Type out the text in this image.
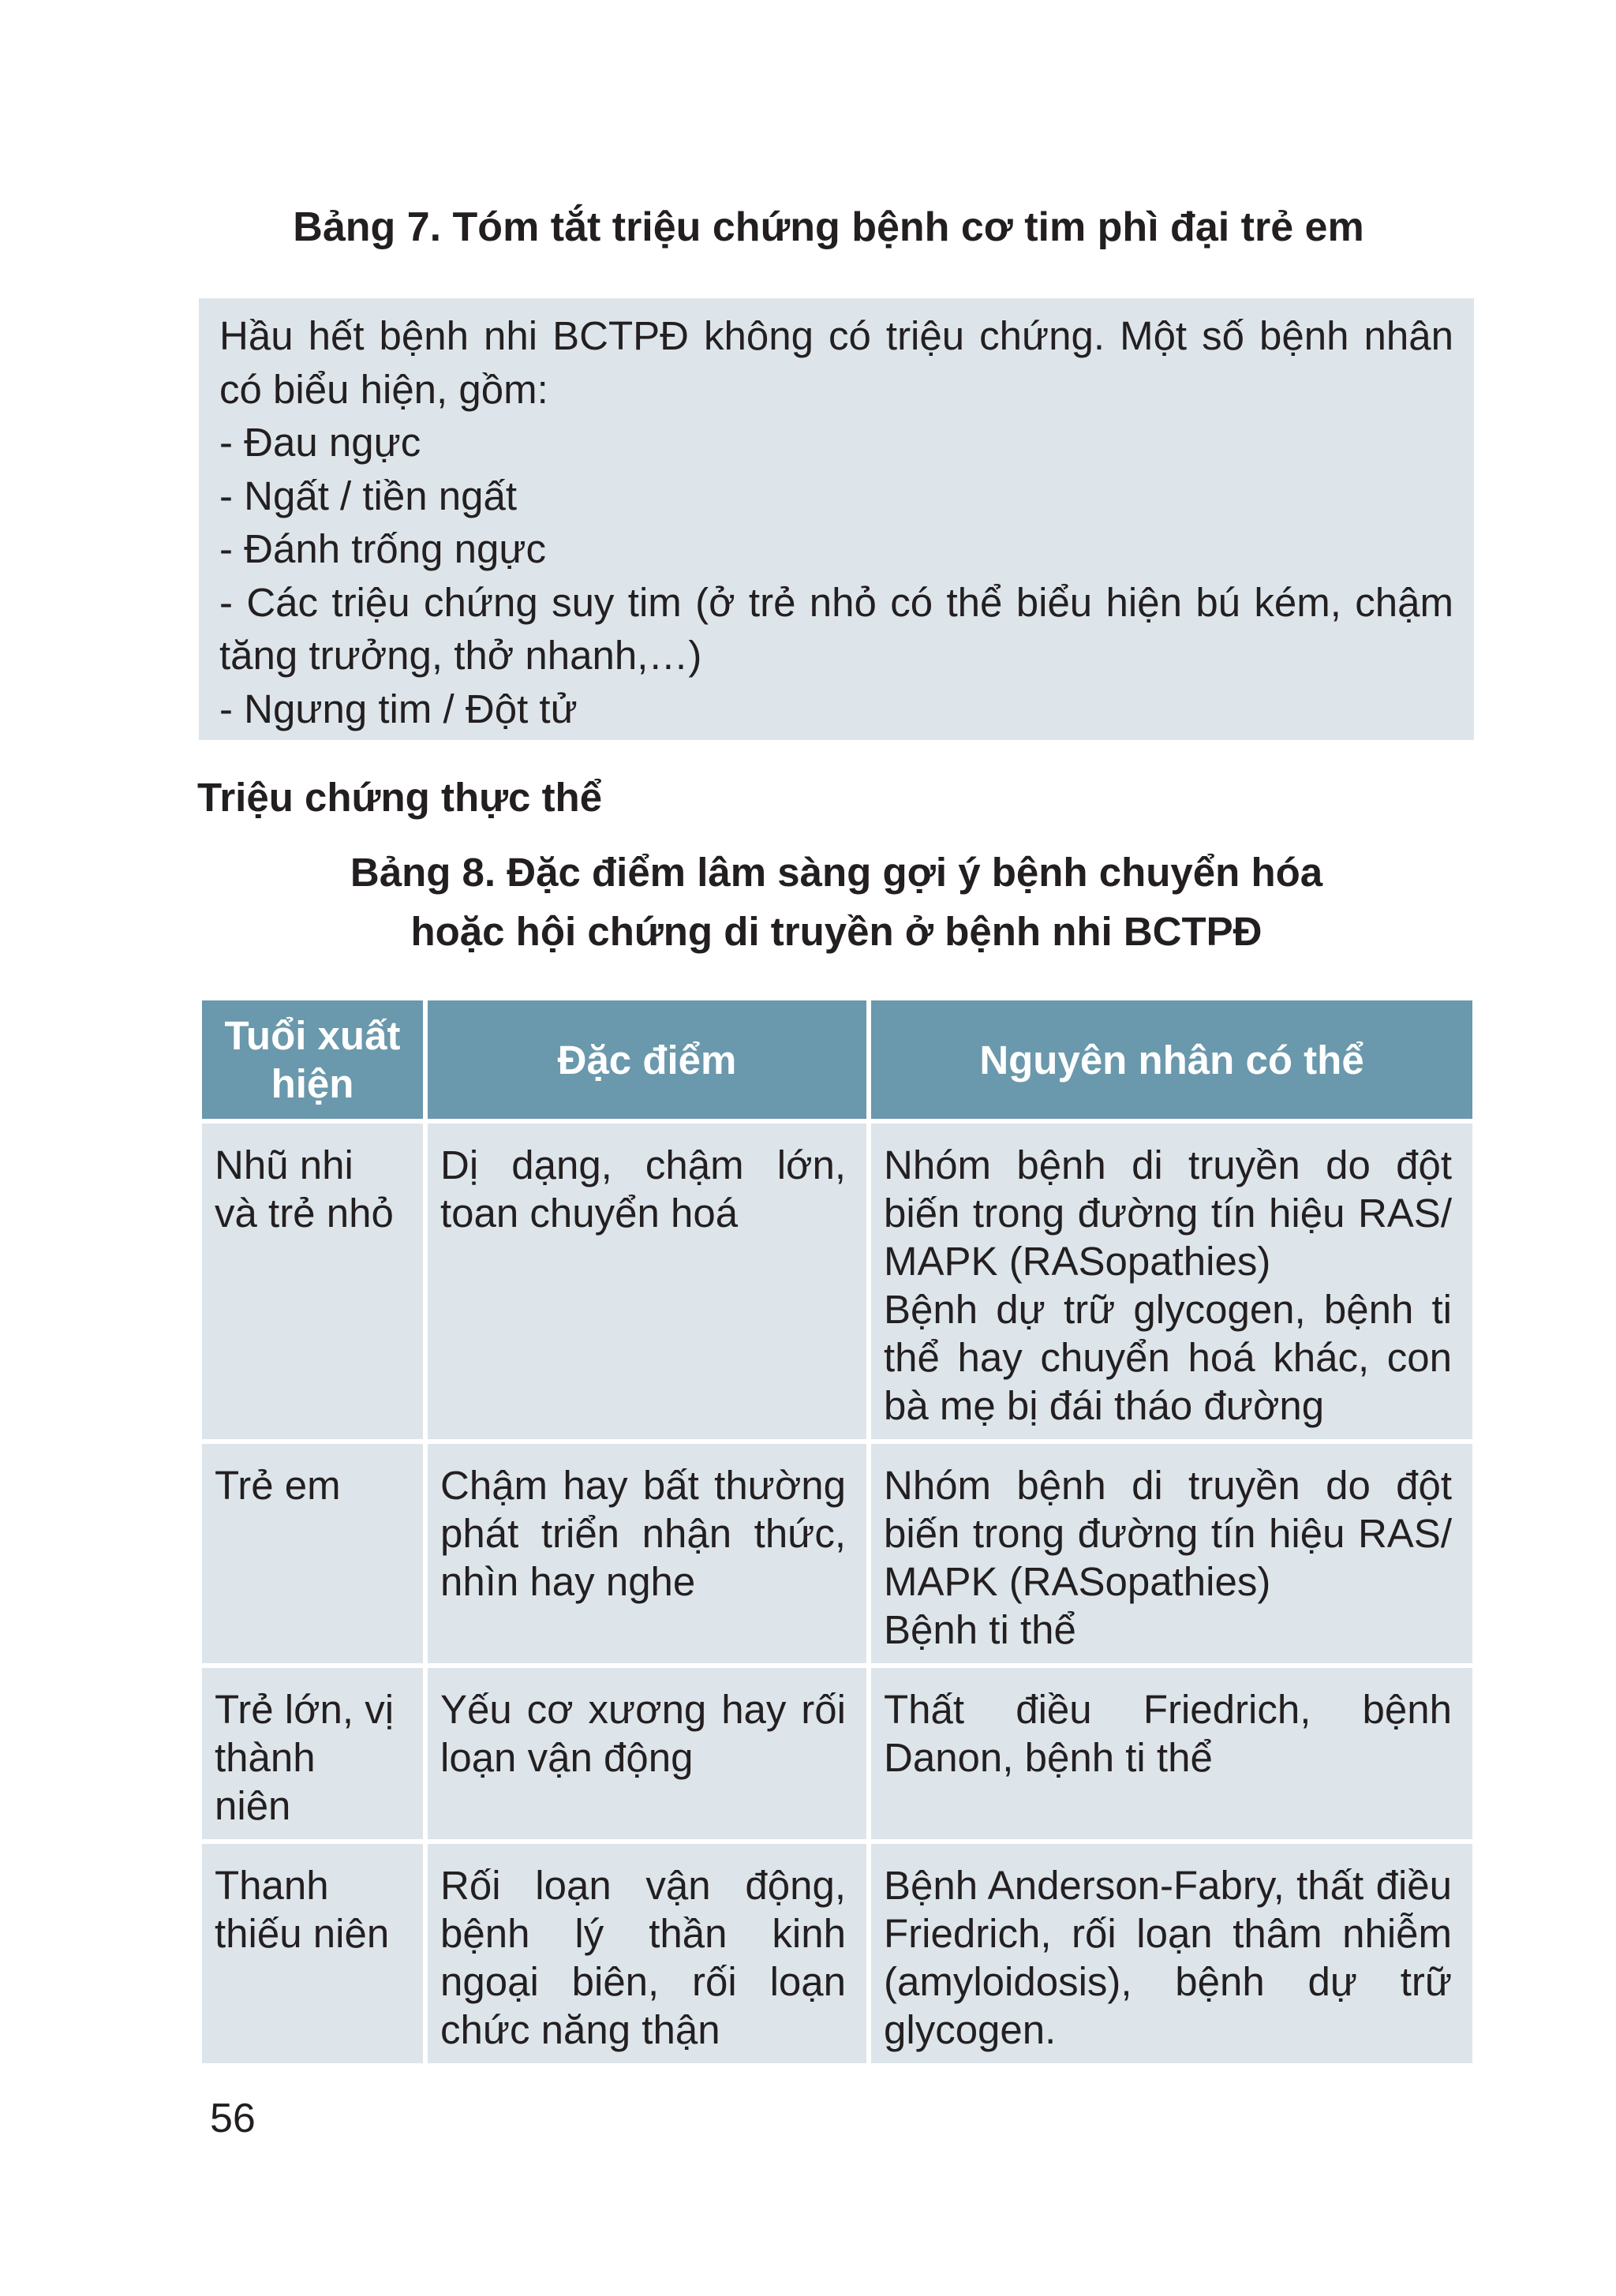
Bảng 7. Tóm tắt triệu chứng bệnh cơ tim phì đại trẻ em
Hầu hết bệnh nhi BCTPĐ không có triệu chứng. Một số bệnh nhân
có biểu hiện, gồm:
- Đau ngực
- Ngất / tiền ngất
- Đánh trống ngực
- Các triệu chứng suy tim (ở trẻ nhỏ có thể biểu hiện bú kém, chậm
tăng trưởng, thở nhanh,…)
- Ngưng tim / Đột tử
Triệu chứng thực thể
Bảng 8. Đặc điểm lâm sàng gợi ý bệnh chuyển hóa
hoặc hội chứng di truyền ở bệnh nhi BCTPĐ
Tuổi xuất hiện	Đặc điểm	Nguyên nhân có thể
Nhũ nhi và trẻ nhỏ	Dị dạng, chậm lớn, toan chuyển hoá	Nhóm bệnh di truyền do đột biến trong đường tín hiệu RAS/ MAPK (RASopathies)
Bệnh dự trữ glycogen, bệnh ti thể hay chuyển hoá khác, con bà mẹ bị đái tháo đường

Trẻ em	Chậm hay bất thường phát triển nhận thức, nhìn hay nghe	Nhóm bệnh di truyền do đột biến trong đường tín hiệu RAS/ MAPK (RASopathies)
Bệnh ti thể

Trẻ lớn, vị thành niên	Yếu cơ xương hay rối loạn vận động	Thất điều Friedrich, bệnh Danon, bệnh ti thể

Thanh thiếu niên	Rối loạn vận động, bệnh lý thần kinh ngoại biên, rối loạn chức năng thận	Bệnh Anderson-Fabry, thất điều Friedrich, rối loạn thâm nhiễm (amyloidosis), bệnh dự trữ glycogen.
56
